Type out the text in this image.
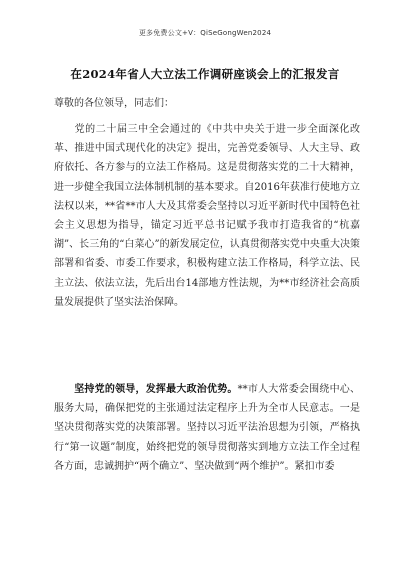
更多免费公文+V：QiSeGongWen2024
在2024年省人大立法工作调研座谈会上的汇报发言
尊敬的各位领导，同志们：

党的二十届三中全会通过的《中共中央关于进一步全面深化改革、推进中国式现代化的决定》提出，完善党委领导、人大主导、政府依托、各方参与的立法工作格局。这是贯彻落实党的二十大精神，进一步健全我国立法体制机制的基本要求。自2016年获准行使地方立法权以来，**省**市人大及其常委会坚持以习近平新时代中国特色社会主义思想为指导，锚定习近平总书记赋予我市打造我省的“杭嘉湖”、长三角的“白菜心”的新发展定位，认真贯彻落实党中央重大决策部署和省委、市委工作要求，积极构建立法工作格局，科学立法、民主立法、依法立法，先后出台14部地方性法规，为**市经济社会高质量发展提供了坚实法治保障。

坚持党的领导，发挥最大政治优势。**市人大常委会围绕中心、服务大局，确保把党的主张通过法定程序上升为全市人民意志。一是坚决贯彻落实党的决策部署。坚持以习近平法治思想为引领，严格执行“第一议题”制度，始终把党的领导贯彻落实到地方立法工作全过程各方面，忠诚拥护“两个确立”、坚决做到“两个维护”。紧扣市委
